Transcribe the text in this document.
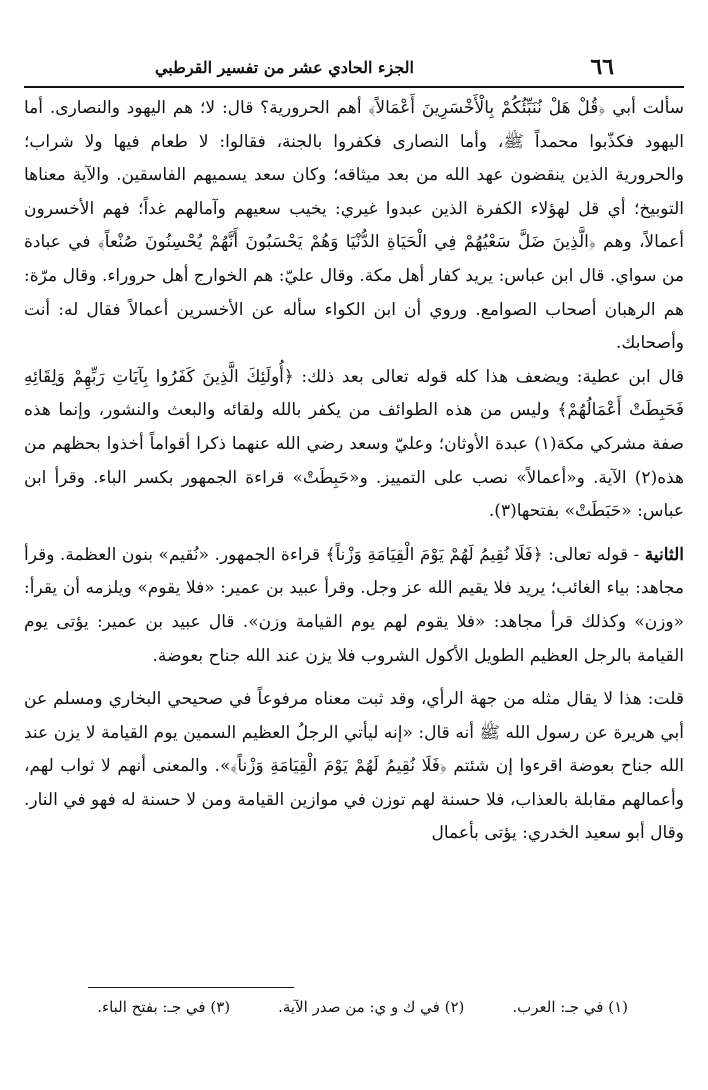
٦٦
الجزء الحادي عشر من تفسير القرطبي

سألت أبي ﴿قُلْ هَلْ نُنَبِّئُكُمْ بِالْأَخْسَرِينَ أَعْمَالاً﴾ أهم الحرورية؟ قال: لا؛ هم اليهود والنصارى. أما اليهود فكذّبوا محمداً ﷺ، وأما النصارى فكفروا بالجنة، فقالوا: لا طعام فيها ولا شراب؛ والحرورية الذين ينقضون عهد الله من بعد ميثاقه؛ وكان سعد يسميهم الفاسقين. والآية معناها التوبيخ؛ أي قل لهؤلاء الكفرة الذين عبدوا غيري: يخيب سعيهم وآمالهم غداً؛ فهم الأخسرون أعمالاً، وهم ﴿الَّذِينَ ضَلَّ سَعْيُهُمْ فِي الْحَيَاةِ الدُّنْيَا وَهُمْ يَحْسَبُونَ أَنَّهُمْ يُحْسِنُونَ صُنْعاً﴾ في عبادة من سواي. قال ابن عباس: يريد كفار أهل مكة. وقال عليّ: هم الخوارج أهل حروراء. وقال مرّة: هم الرهبان أصحاب الصوامع. وروي أن ابن الكواء سأله عن الأخسرين أعمالاً فقال له: أنت وأصحابك.

قال ابن عطية: ويضعف هذا كله قوله تعالى بعد ذلك: ﴿أُولَئِكَ الَّذِينَ كَفَرُوا بِآيَاتِ رَبِّهِمْ وَلِقَائِهِ فَحَبِطَتْ أَعْمَالُهُمْ﴾ وليس من هذه الطوائف من يكفر بالله ولقائه والبعث والنشور، وإنما هذه صفة مشركي مكة(١) عبدة الأوثان؛ وعليّ وسعد رضي الله عنهما ذكرا أقواماً أخذوا بحظهم من هذه(٢) الآية. و«أعمالاً» نصب على التمييز. و«حَبِطَتْ» قراءة الجمهور بكسر الباء. وقرأ ابن عباس: «حَبَطَتْ» بفتحها(٣).

الثانية - قوله تعالى: ﴿فَلَا نُقِيمُ لَهُمْ يَوْمَ الْقِيَامَةِ وَزْناً﴾ قراءة الجمهور. «نُقيم» بنون العظمة. وقرأ مجاهد: بياء الغائب؛ يريد فلا يقيم الله عز وجل. وقرأ عبيد بن عمير: «فلا يقوم» ويلزمه أن يقرأ: «وزن» وكذلك قرأ مجاهد: «فلا يقوم لهم يوم القيامة وزن». قال عبيد بن عمير: يؤتى يوم القيامة بالرجل العظيم الطويل الأكول الشروب فلا يزن عند الله جناح بعوضة.

قلت: هذا لا يقال مثله من جهة الرأي، وقد ثبت معناه مرفوعاً في صحيحي البخاري ومسلم عن أبي هريرة عن رسول الله ﷺ أنه قال: «إنه ليأتي الرجلُ العظيم السمين يوم القيامة لا يزن عند الله جناح بعوضة اقرءوا إن شئتم ﴿فَلَا نُقِيمُ لَهُمْ يَوْمَ الْقِيَامَةِ وَزْناً﴾». والمعنى أنهم لا ثواب لهم، وأعمالهم مقابلة بالعذاب، فلا حسنة لهم توزن في موازين القيامة ومن لا حسنة له فهو في النار. وقال أبو سعيد الخدري: يؤتى بأعمال

(١) في جـ: العرب.
(٢) في ك و ي: من صدر الآية.
(٣) في جـ: بفتح الباء.
